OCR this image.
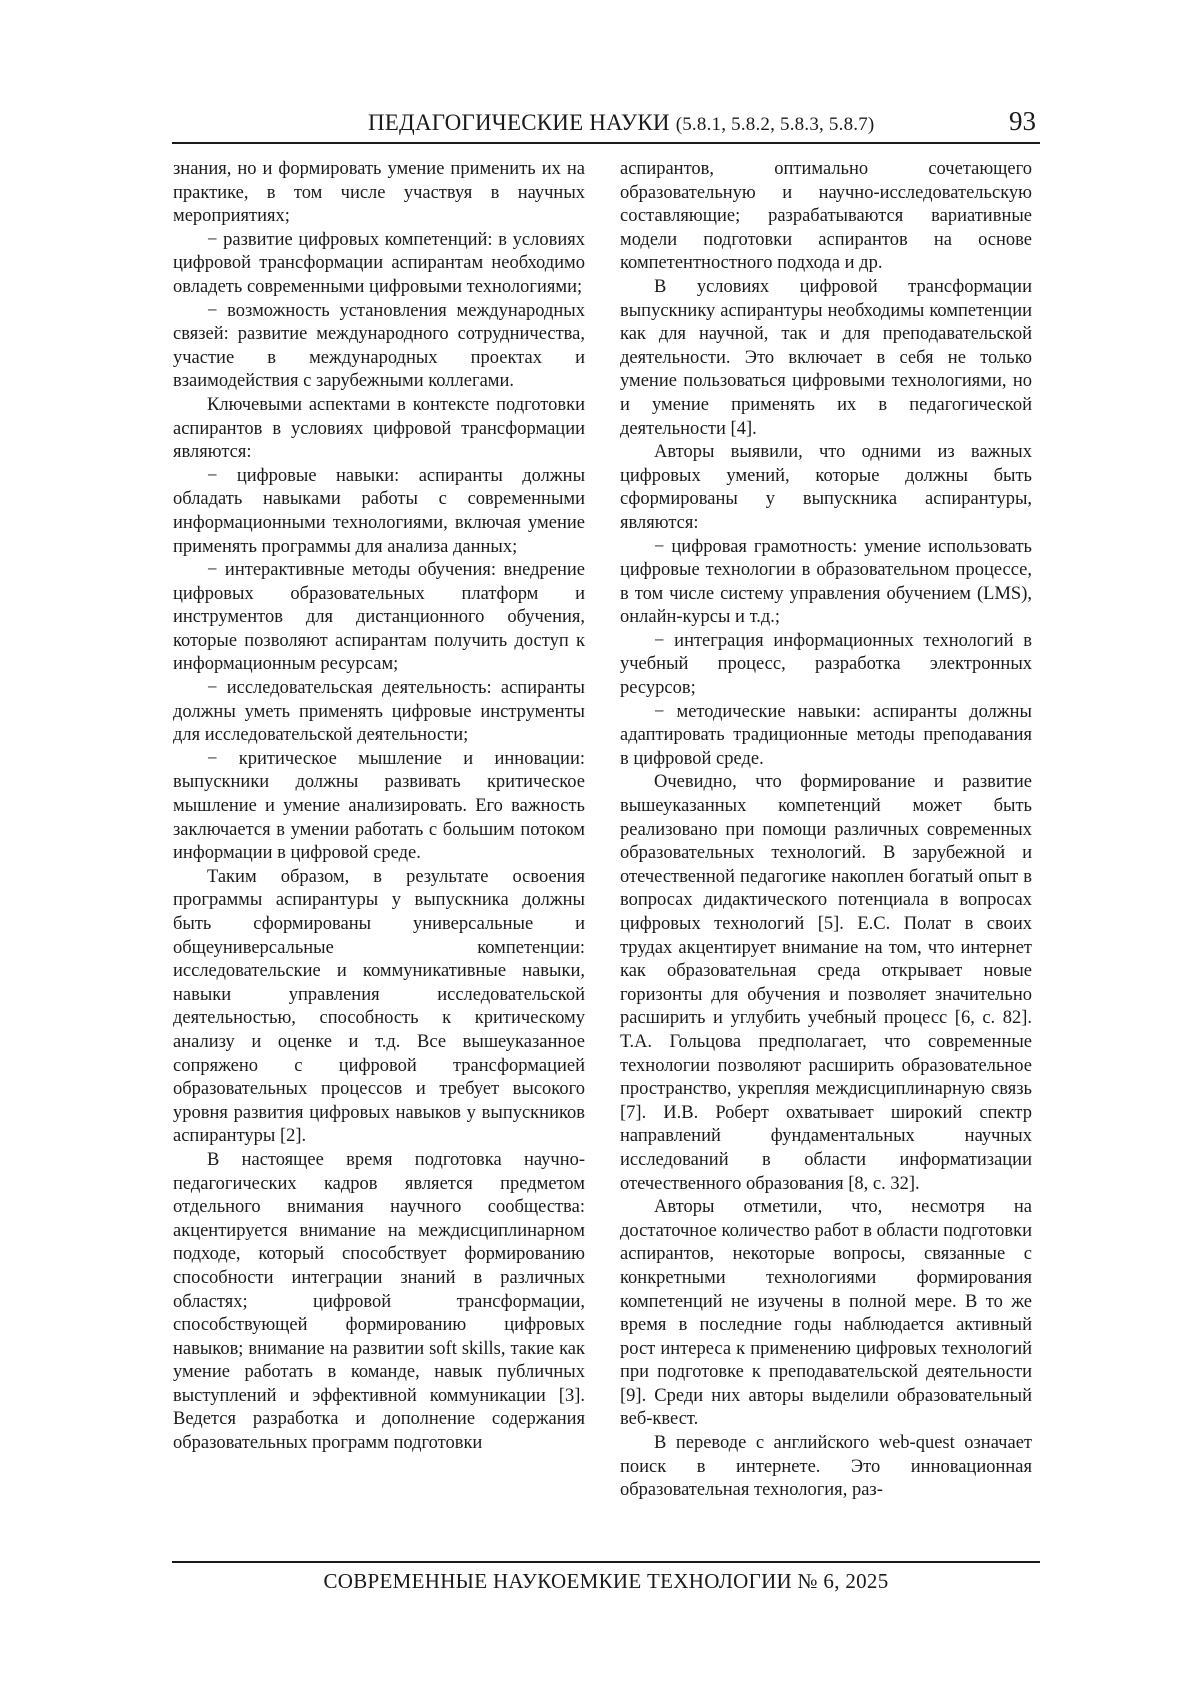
ПЕДАГОГИЧЕСКИЕ НАУКИ (5.8.1, 5.8.2, 5.8.3, 5.8.7)	93

знания, но и формировать умение применить их на практике, в том числе участвуя в научных мероприятиях;

− развитие цифровых компетенций: в условиях цифровой трансформации аспирантам необходимо овладеть современными цифровыми технологиями;

− возможность установления международных связей: развитие международного сотрудничества, участие в международных проектах и взаимодействия с зарубежными коллегами.

Ключевыми аспектами в контексте подготовки аспирантов в условиях цифровой трансформации являются:

− цифровые навыки: аспиранты должны обладать навыками работы с современными информационными технологиями, включая умение применять программы для анализа данных;

− интерактивные методы обучения: внедрение цифровых образовательных платформ и инструментов для дистанционного обучения, которые позволяют аспирантам получить доступ к информационным ресурсам;

− исследовательская деятельность: аспиранты должны уметь применять цифровые инструменты для исследовательской деятельности;

− критическое мышление и инновации: выпускники должны развивать критическое мышление и умение анализировать. Его важность заключается в умении работать с большим потоком информации в цифровой среде.

Таким образом, в результате освоения программы аспирантуры у выпускника должны быть сформированы универсальные и общеуниверсальные компетенции: исследовательские и коммуникативные навыки, навыки управления исследовательской деятельностью, способность к критическому анализу и оценке и т.д. Все вышеуказанное сопряжено с цифровой трансформацией образовательных процессов и требует высокого уровня развития цифровых навыков у выпускников аспирантуры [2].

В настоящее время подготовка научно-педагогических кадров является предметом отдельного внимания научного сообщества: акцентируется внимание на междисциплинарном подходе, который способствует формированию способности интеграции знаний в различных областях; цифровой трансформации, способствующей формированию цифровых навыков; внимание на развитии soft skills, такие как умение работать в команде, навык публичных выступлений и эффективной коммуникации [3]. Ведется разработка и дополнение содержания образовательных программ подготовки

аспирантов, оптимально сочетающего образовательную и научно-исследовательскую составляющие; разрабатываются вариативные модели подготовки аспирантов на основе компетентностного подхода и др.

В условиях цифровой трансформации выпускнику аспирантуры необходимы компетенции как для научной, так и для преподавательской деятельности. Это включает в себя не только умение пользоваться цифровыми технологиями, но и умение применять их в педагогической деятельности [4].

Авторы выявили, что одними из важных цифровых умений, которые должны быть сформированы у выпускника аспирантуры, являются:

− цифровая грамотность: умение использовать цифровые технологии в образовательном процессе, в том числе систему управления обучением (LMS), онлайн-курсы и т.д.;

− интеграция информационных технологий в учебный процесс, разработка электронных ресурсов;

− методические навыки: аспиранты должны адаптировать традиционные методы преподавания в цифровой среде.

Очевидно, что формирование и развитие вышеуказанных компетенций может быть реализовано при помощи различных современных образовательных технологий. В зарубежной и отечественной педагогике накоплен богатый опыт в вопросах дидактического потенциала в вопросах цифровых технологий [5]. Е.С. Полат в своих трудах акцентирует внимание на том, что интернет как образовательная среда открывает новые горизонты для обучения и позволяет значительно расширить и углубить учебный процесс [6, с. 82]. Т.А. Гольцова предполагает, что современные технологии позволяют расширить образовательное пространство, укрепляя междисциплинарную связь [7]. И.В. Роберт охватывает широкий спектр направлений фундаментальных научных исследований в области информатизации отечественного образования [8, с. 32].

Авторы отметили, что, несмотря на достаточное количество работ в области подготовки аспирантов, некоторые вопросы, связанные с конкретными технологиями формирования компетенций не изучены в полной мере. В то же время в последние годы наблюдается активный рост интереса к применению цифровых технологий при подготовке к преподавательской деятельности [9]. Среди них авторы выделили образовательный веб-квест.

В переводе с английского web-quest означает поиск в интернете. Это инновационная образовательная технология, раз-

СОВРЕМЕННЫЕ НАУКОЕМКИЕ ТЕХНОЛОГИИ № 6, 2025
